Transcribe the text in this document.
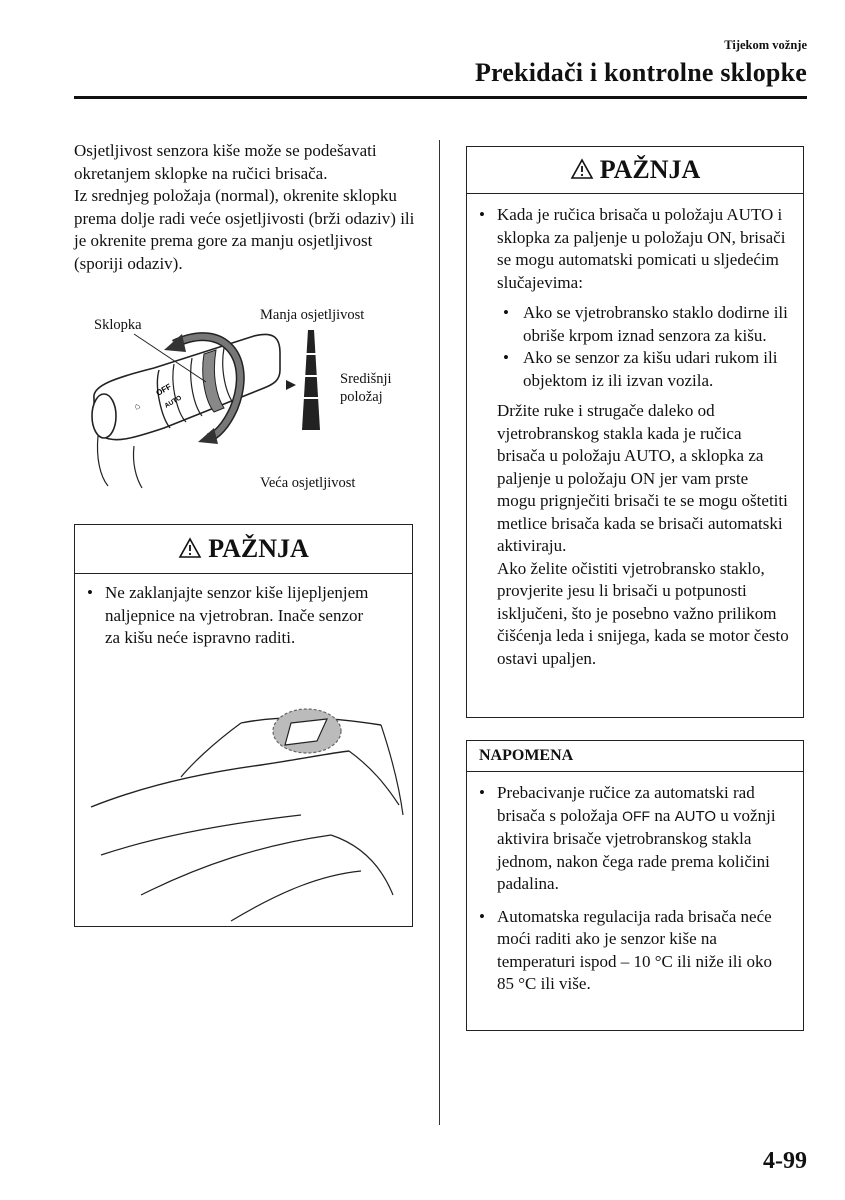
Tijekom vožnje
Prekidači i kontrolne sklopke

Osjetljivost senzora kiše može se podešavati okretanjem sklopke na ručici brisača.

Iz srednjeg položaja (normal), okrenite sklopku prema dolje radi veće osjetljivosti (brži odaziv) ili je okrenite prema gore za manju osjetljivost (sporiji odaziv).

⌂
OFF
AUTO
Sklopka
Manja osjetljivost
Središnji
položaj
Veća osjetljivost
PAŽNJA
• Ne zaklanjajte senzor kiše lijepljenjem naljepnice na vjetrobran. Inače senzor za kišu neće ispravno raditi.
PAŽNJA
• Kada je ručica brisača u položaju AUTO i sklopka za paljenje u položaju ON, brisači se mogu automatski pomicati u sljedećim slučajevima:
• Ako se vjetrobransko staklo dodirne ili obriše krpom iznad senzora za kišu.
• Ako se senzor za kišu udari rukom ili objektom iz ili izvan vozila.
Držite ruke i strugače daleko od vjetrobranskog stakla kada je ručica brisača u položaju AUTO, a sklopka za paljenje u položaju ON jer vam prste mogu prignječiti brisači te se mogu oštetiti metlice brisača kada se brisači automatski aktiviraju.
Ako želite očistiti vjetrobransko staklo, provjerite jesu li brisači u potpunosti isključeni, što je posebno važno prilikom čišćenja leda i snijega, kada se motor često ostavi upaljen.
NAPOMENA
• Prebacivanje ručice za automatski rad brisača s položaja OFF na AUTO u vožnji aktivira brisače vjetrobranskog stakla jednom, nakon čega rade prema količini padalina.
• Automatska regulacija rada brisača neće moći raditi ako je senzor kiše na temperaturi ispod – 10 °C ili niže ili oko 85 °C ili više.
4-99
